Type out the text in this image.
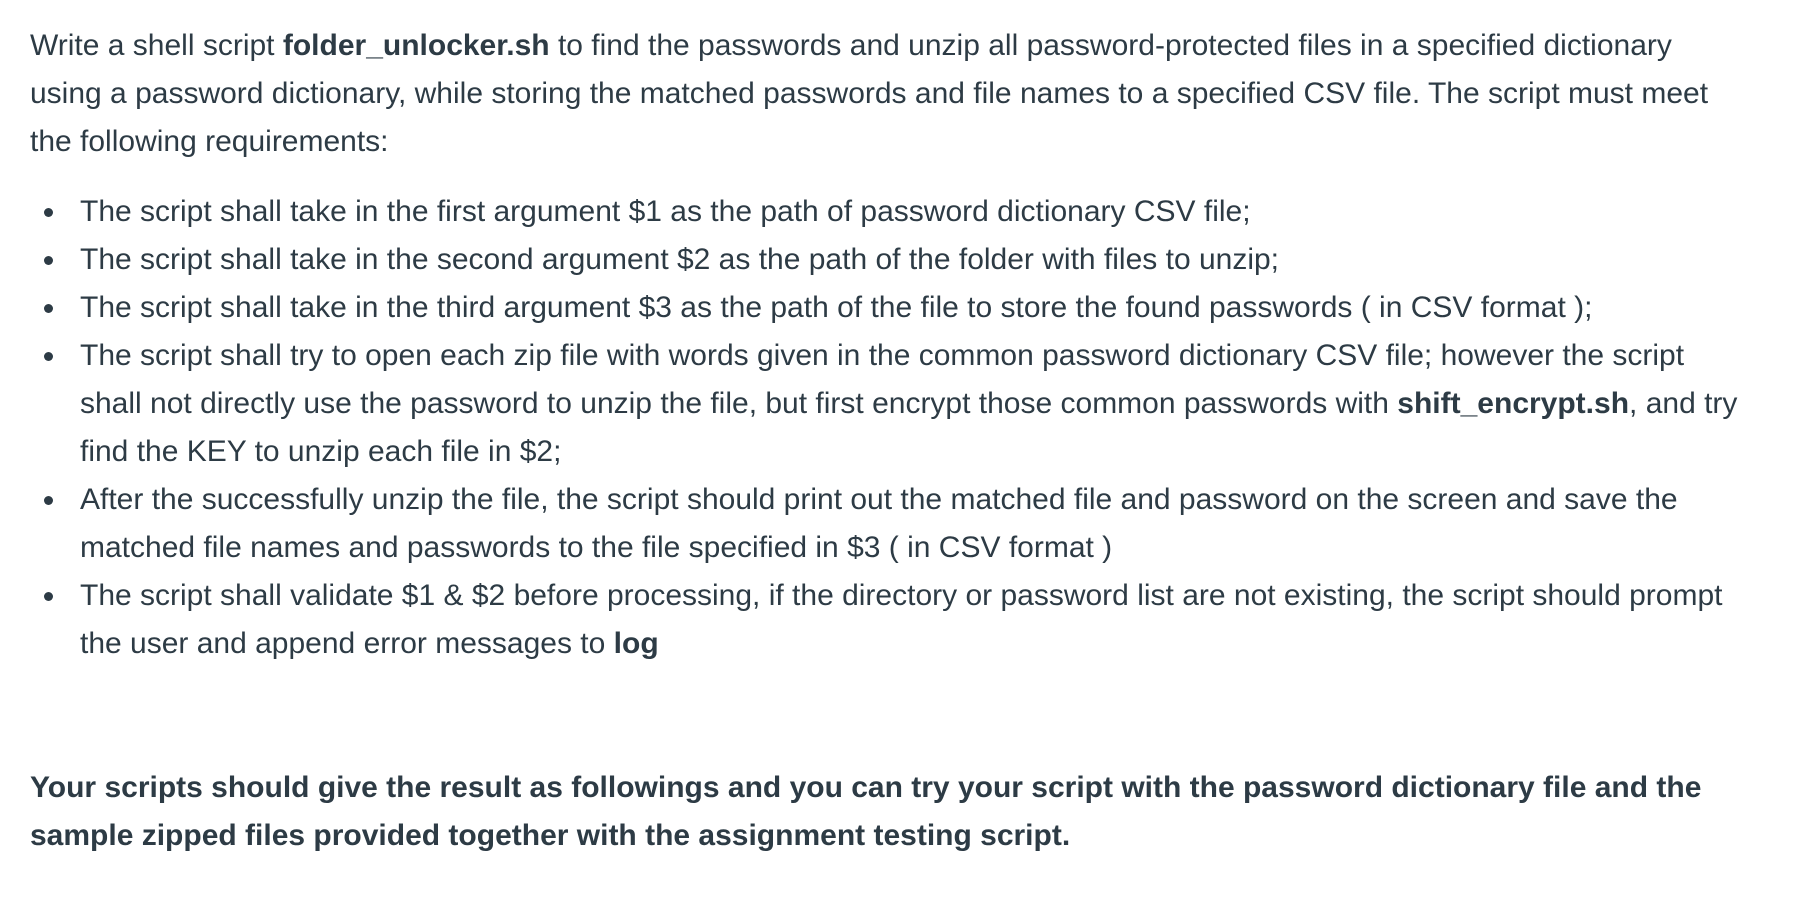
Write a shell script folder_unlocker.sh to find the passwords and unzip all password-protected files in a specified dictionary using a password dictionary, while storing the matched passwords and file names to a specified CSV file. The script must meet the following requirements:

The script shall take in the first argument $1 as the path of password dictionary CSV file;
The script shall take in the second argument $2 as the path of the folder with files to unzip;
The script shall take in the third argument $3 as the path of the file to store the found passwords ( in CSV format );
The script shall try to open each zip file with words given in the common password dictionary CSV file; however the script shall not directly use the password to unzip the file, but first encrypt those common passwords with shift_encrypt.sh, and try find the KEY to unzip each file in $2;
After the successfully unzip the file, the script should print out the matched file and password on the screen and save the matched file names and passwords to the file specified in $3 ( in CSV format )
The script shall validate $1 & $2 before processing, if the directory or password list are not existing, the script should prompt the user and append error messages to log

Your scripts should give the result as followings and you can try your script with the password dictionary file and the sample zipped files provided together with the assignment testing script.
